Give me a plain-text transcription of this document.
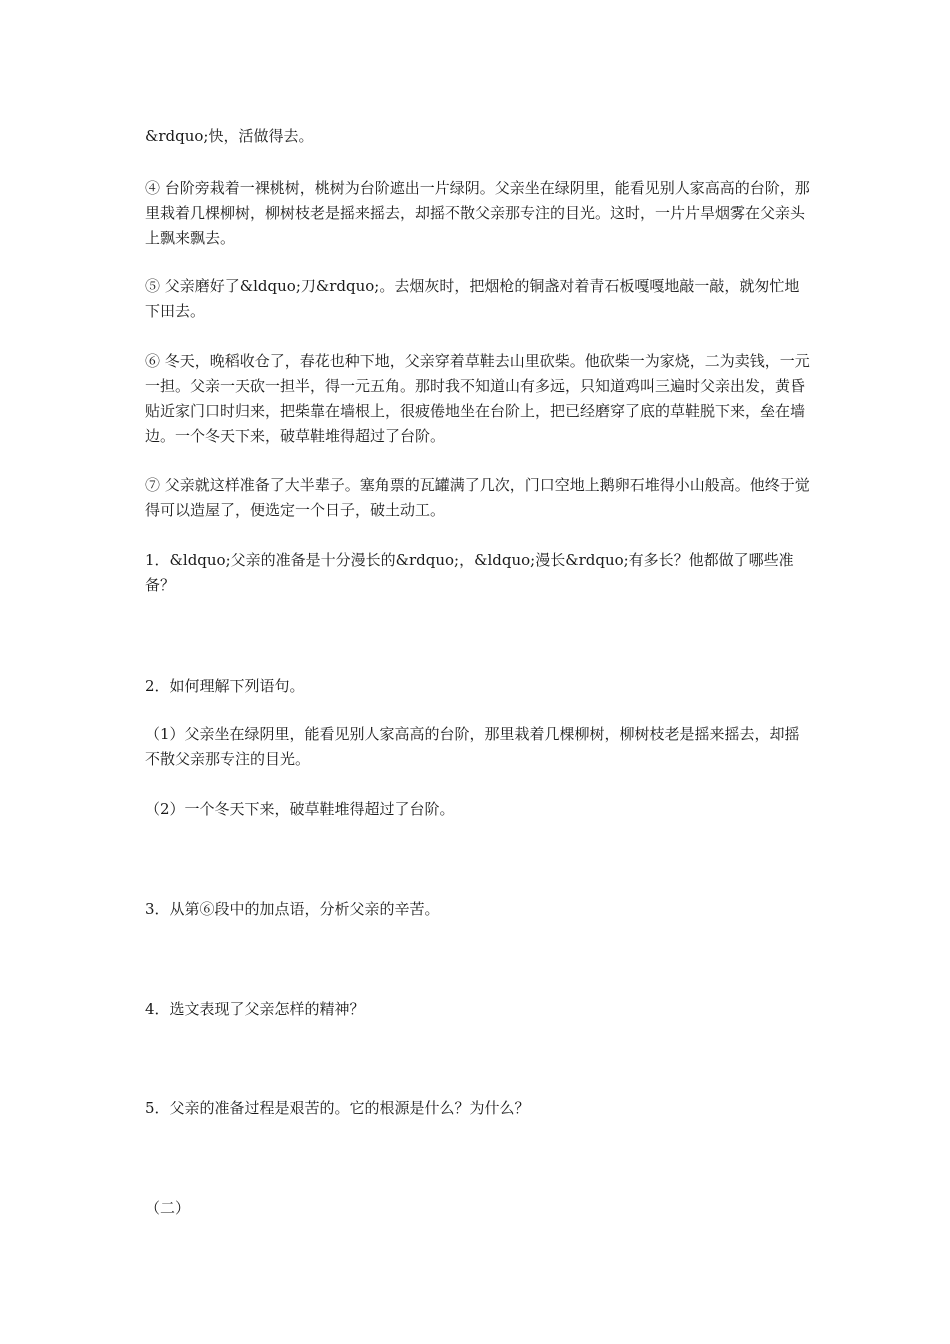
&rdquo;快，活做得去。
④ 台阶旁栽着一裸桃树，桃树为台阶遮出一片绿阴。父亲坐在绿阴里，能看见别人家高高的台阶，那里栽着几棵柳树，柳树枝老是摇来摇去，却摇不散父亲那专注的目光。这时，一片片旱烟雾在父亲头上飘来飘去。
⑤ 父亲磨好了&ldquo;刀&rdquo;。去烟灰时，把烟枪的铜盏对着青石板嘎嘎地敲一敲，就匆忙地下田去。
⑥ 冬天，晚稻收仓了，春花也种下地，父亲穿着草鞋去山里砍柴。他砍柴一为家烧，二为卖钱，一元一担。父亲一天砍一担半，得一元五角。那时我不知道山有多远，只知道鸡叫三遍时父亲出发，黄昏贴近家门口时归来，把柴靠在墙根上，很疲倦地坐在台阶上，把已经磨穿了底的草鞋脱下来，垒在墙边。一个冬天下来，破草鞋堆得超过了台阶。
⑦ 父亲就这样准备了大半辈子。塞角票的瓦罐满了几次，门口空地上鹅卵石堆得小山般高。他终于觉得可以造屋了，便选定一个日子，破土动工。
1．&ldquo;父亲的准备是十分漫长的&rdquo;，&ldquo;漫长&rdquo;有多长？他都做了哪些准备？
2．如何理解下列语句。
（1）父亲坐在绿阴里，能看见别人家高高的台阶，那里栽着几棵柳树，柳树枝老是摇来摇去，却摇不散父亲那专注的目光。
（2）一个冬天下来，破草鞋堆得超过了台阶。
3．从第⑥段中的加点语，分析父亲的辛苦。
4．选文表现了父亲怎样的精神？
5．父亲的准备过程是艰苦的。它的根源是什么？为什么？
（二）
